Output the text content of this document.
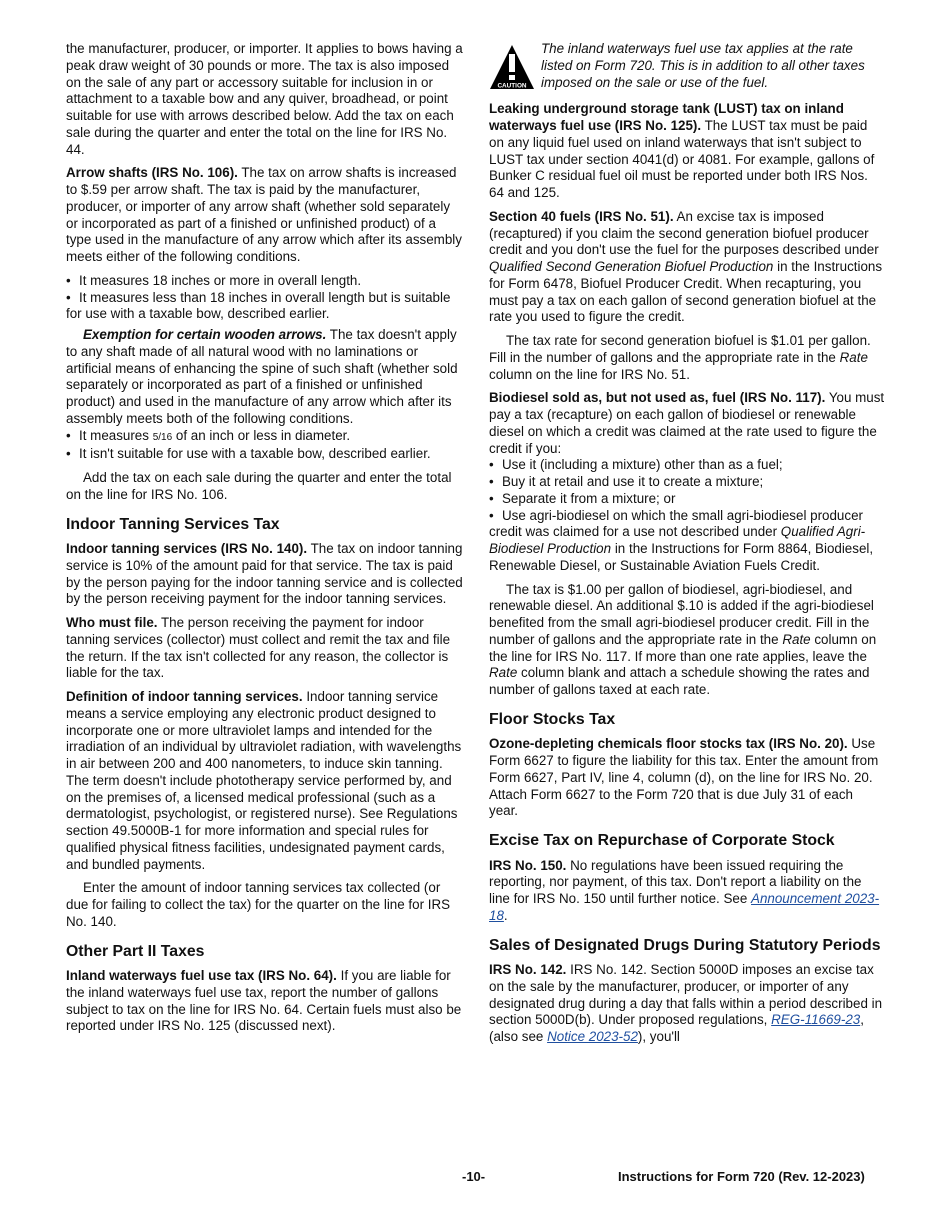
the manufacturer, producer, or importer. It applies to bows having a peak draw weight of 30 pounds or more. The tax is also imposed on the sale of any part or accessory suitable for inclusion in or attachment to a taxable bow and any quiver, broadhead, or point suitable for use with arrows described below. Add the tax on each sale during the quarter and enter the total on the line for IRS No. 44.

Arrow shafts (IRS No. 106). The tax on arrow shafts is increased to $.59 per arrow shaft. The tax is paid by the manufacturer, producer, or importer of any arrow shaft (whether sold separately or incorporated as part of a finished or unfinished product) of a type used in the manufacture of any arrow which after its assembly meets either of the following conditions.

• It measures 18 inches or more in overall length.
• It measures less than 18 inches in overall length but is suitable for use with a taxable bow, described earlier.

Exemption for certain wooden arrows. The tax doesn't apply to any shaft made of all natural wood with no laminations or artificial means of enhancing the spine of such shaft (whether sold separately or incorporated as part of a finished or unfinished product) and used in the manufacture of any arrow which after its assembly meets both of the following conditions.

• It measures 5/16 of an inch or less in diameter.
• It isn't suitable for use with a taxable bow, described earlier.

Add the tax on each sale during the quarter and enter the total on the line for IRS No. 106.

Indoor Tanning Services Tax

Indoor tanning services (IRS No. 140). The tax on indoor tanning service is 10% of the amount paid for that service. The tax is paid by the person paying for the indoor tanning service and is collected by the person receiving payment for the indoor tanning services.

Who must file. The person receiving the payment for indoor tanning services (collector) must collect and remit the tax and file the return. If the tax isn't collected for any reason, the collector is liable for the tax.

Definition of indoor tanning services. Indoor tanning service means a service employing any electronic product designed to incorporate one or more ultraviolet lamps and intended for the irradiation of an individual by ultraviolet radiation, with wavelengths in air between 200 and 400 nanometers, to induce skin tanning. The term doesn't include phototherapy service performed by, and on the premises of, a licensed medical professional (such as a dermatologist, psychologist, or registered nurse). See Regulations section 49.5000B-1 for more information and special rules for qualified physical fitness facilities, undesignated payment cards, and bundled payments.

Enter the amount of indoor tanning services tax collected (or due for failing to collect the tax) for the quarter on the line for IRS No. 140.

Other Part II Taxes

Inland waterways fuel use tax (IRS No. 64). If you are liable for the inland waterways fuel use tax, report the number of gallons subject to tax on the line for IRS No. 64. Certain fuels must also be reported under IRS No. 125 (discussed next).

CAUTION
The inland waterways fuel use tax applies at the rate listed on Form 720. This is in addition to all other taxes imposed on the sale or use of the fuel.

Leaking underground storage tank (LUST) tax on inland waterways fuel use (IRS No. 125). The LUST tax must be paid on any liquid fuel used on inland waterways that isn't subject to LUST tax under section 4041(d) or 4081. For example, gallons of Bunker C residual fuel oil must be reported under both IRS Nos. 64 and 125.

Section 40 fuels (IRS No. 51). An excise tax is imposed (recaptured) if you claim the second generation biofuel producer credit and you don't use the fuel for the purposes described under Qualified Second Generation Biofuel Production in the Instructions for Form 6478, Biofuel Producer Credit. When recapturing, you must pay a tax on each gallon of second generation biofuel at the rate you used to figure the credit.

The tax rate for second generation biofuel is $1.01 per gallon. Fill in the number of gallons and the appropriate rate in the Rate column on the line for IRS No. 51.

Biodiesel sold as, but not used as, fuel (IRS No. 117). You must pay a tax (recapture) on each gallon of biodiesel or renewable diesel on which a credit was claimed at the rate used to figure the credit if you:

• Use it (including a mixture) other than as a fuel;
• Buy it at retail and use it to create a mixture;
• Separate it from a mixture; or
• Use agri-biodiesel on which the small agri-biodiesel producer credit was claimed for a use not described under Qualified Agri-Biodiesel Production in the Instructions for Form 8864, Biodiesel, Renewable Diesel, or Sustainable Aviation Fuels Credit.

The tax is $1.00 per gallon of biodiesel, agri-biodiesel, and renewable diesel. An additional $.10 is added if the agri-biodiesel benefited from the small agri-biodiesel producer credit. Fill in the number of gallons and the appropriate rate in the Rate column on the line for IRS No. 117. If more than one rate applies, leave the Rate column blank and attach a schedule showing the rates and number of gallons taxed at each rate.

Floor Stocks Tax

Ozone-depleting chemicals floor stocks tax (IRS No. 20). Use Form 6627 to figure the liability for this tax. Enter the amount from Form 6627, Part IV, line 4, column (d), on the line for IRS No. 20. Attach Form 6627 to the Form 720 that is due July 31 of each year.

Excise Tax on Repurchase of Corporate Stock

IRS No. 150. No regulations have been issued requiring the reporting, nor payment, of this tax. Don't report a liability on the line for IRS No. 150 until further notice. See Announcement 2023-18.

Sales of Designated Drugs During Statutory Periods

IRS No. 142. IRS No. 142. Section 5000D imposes an excise tax on the sale by the manufacturer, producer, or importer of any designated drug during a day that falls within a period described in section 5000D(b). Under proposed regulations, REG-11669-23, (also see Notice 2023-52), you'll

-10-	Instructions for Form 720 (Rev. 12-2023)
